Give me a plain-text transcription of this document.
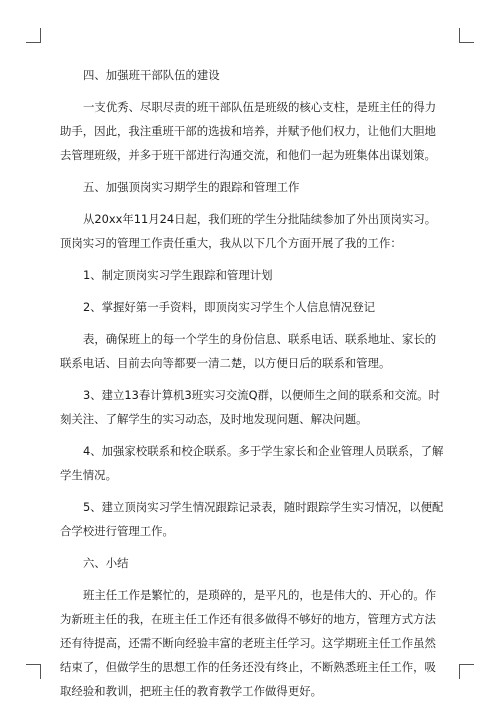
四、加强班干部队伍的建设

一支优秀、尽职尽责的班干部队伍是班级的核心支柱，是班主任的得力助手，因此，我注重班干部的选拔和培养，并赋予他们权力，让他们大胆地去管理班级，并多于班干部进行沟通交流，和他们一起为班集体出谋划策。

五、加强顶岗实习期学生的跟踪和管理工作

从20xx年11月24日起，我们班的学生分批陆续参加了外出顶岗实习。顶岗实习的管理工作责任重大，我从以下几个方面开展了我的工作：

1、制定顶岗实习学生跟踪和管理计划

2、掌握好第一手资料，即顶岗实习学生个人信息情况登记

表，确保班上的每一个学生的身份信息、联系电话、联系地址、家长的联系电话、目前去向等都要一清二楚，以方便日后的联系和管理。

3、建立13春计算机3班实习交流Q群，以便师生之间的联系和交流。时刻关注、了解学生的实习动态，及时地发现问题、解决问题。

4、加强家校联系和校企联系。多于学生家长和企业管理人员联系，了解学生情况。

5、建立顶岗实习学生情况跟踪记录表，随时跟踪学生实习情况，以便配合学校进行管理工作。

六、小结

班主任工作是繁忙的，是琐碎的，是平凡的，也是伟大的、开心的。作为新班主任的我，在班主任工作还有很多做得不够好的地方，管理方式方法还有待提高，还需不断向经验丰富的老班主任学习。这学期班主任工作虽然结束了，但做学生的思想工作的任务还没有终止，不断熟悉班主任工作，吸取经验和教训，把班主任的教育教学工作做得更好。
